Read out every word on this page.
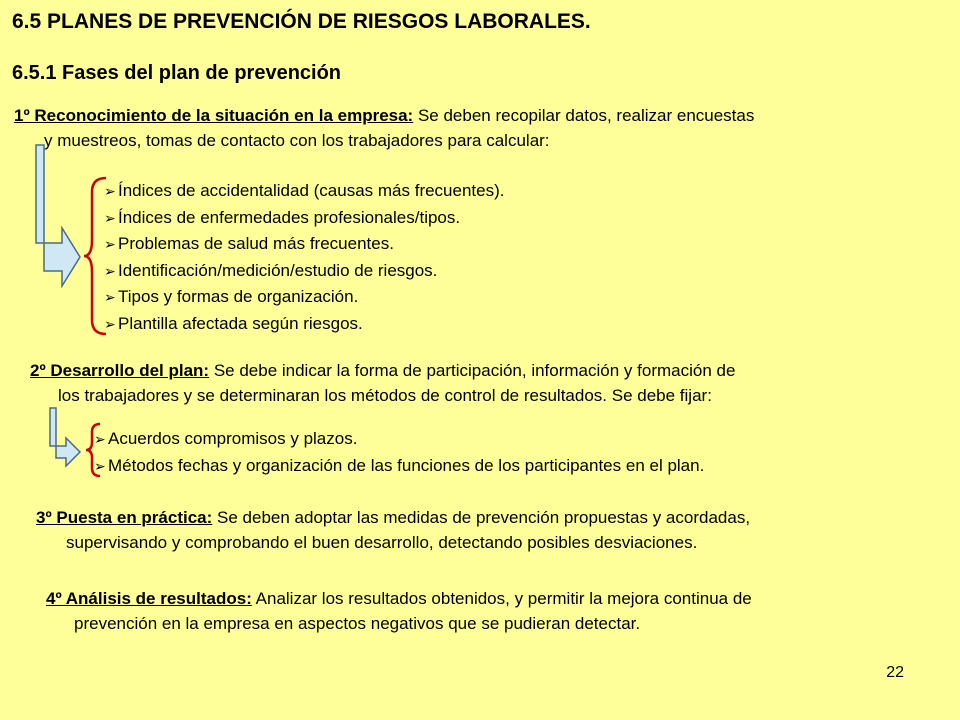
6.5 PLANES DE PREVENCIÓN DE RIESGOS LABORALES.
6.5.1 Fases del plan de prevención
1º Reconocimiento de la situación en la empresa: Se deben recopilar datos, realizar encuestas
y muestreos, tomas de contacto con los trabajadores para calcular:
➢ Índices de accidentalidad (causas más frecuentes).
➢ Índices de enfermedades profesionales/tipos.
➢ Problemas de salud más frecuentes.
➢ Identificación/medición/estudio de riesgos.
➢ Tipos y formas de organización.
➢ Plantilla afectada según riesgos.
2º Desarrollo del plan: Se debe indicar la forma de participación, información y formación de
los trabajadores y se determinaran los métodos de control de resultados. Se debe fijar:
➢ Acuerdos compromisos y plazos.
➢ Métodos fechas y organización de las funciones de los participantes en el plan.
3º Puesta en práctica: Se deben adoptar las medidas de prevención propuestas y acordadas,
supervisando y comprobando el buen desarrollo, detectando posibles desviaciones.
4º Análisis de resultados: Analizar los resultados obtenidos, y permitir la mejora continua de
prevención en la empresa en aspectos negativos que se pudieran detectar.
22
